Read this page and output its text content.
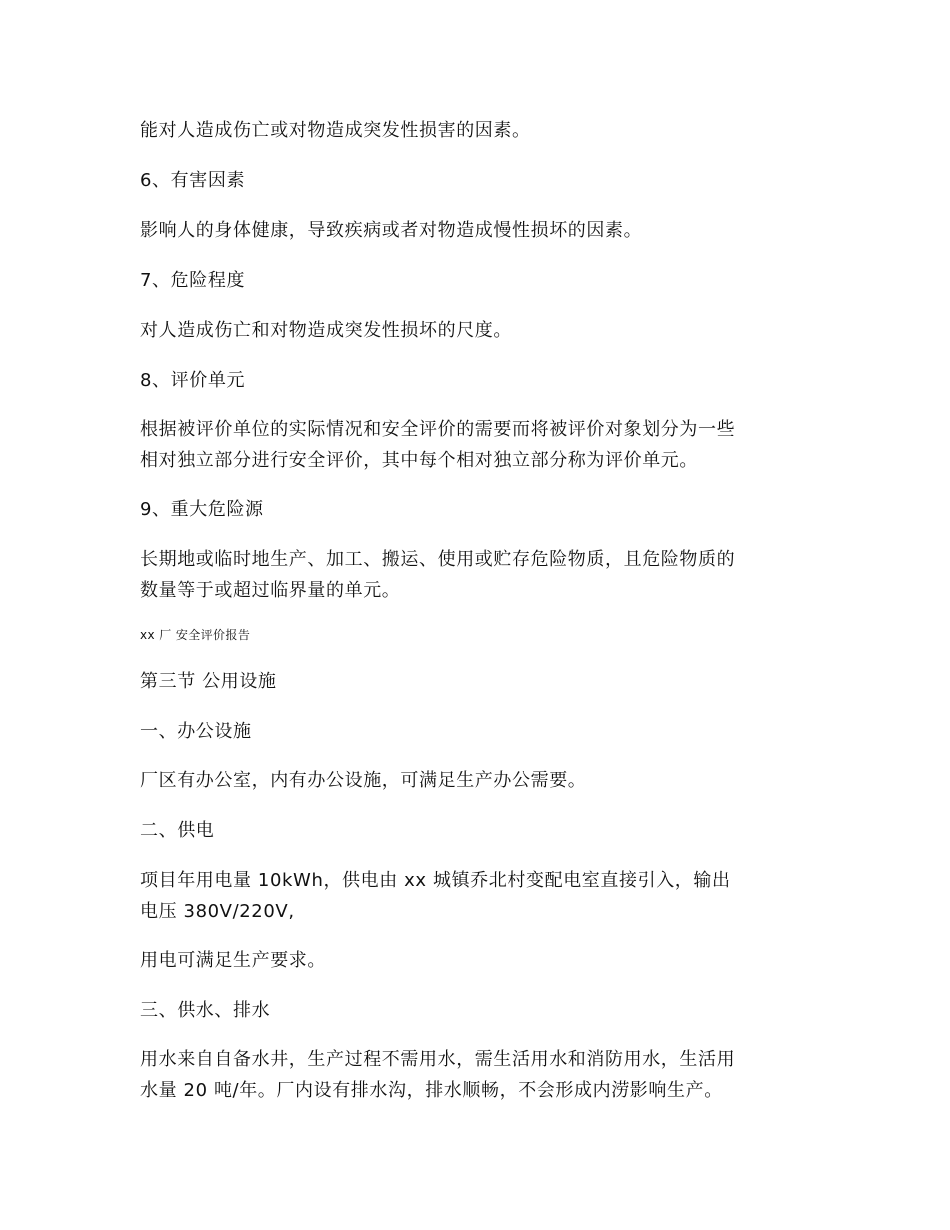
能对人造成伤亡或对物造成突发性损害的因素。
6、有害因素
影响人的身体健康，导致疾病或者对物造成慢性损坏的因素。
7、危险程度
对人造成伤亡和对物造成突发性损坏的尺度。
8、评价单元
根据被评价单位的实际情况和安全评价的需要而将被评价对象划分为一些
相对独立部分进行安全评价，其中每个相对独立部分称为评价单元。
9、重大危险源
长期地或临时地生产、加工、搬运、使用或贮存危险物质，且危险物质的
数量等于或超过临界量的单元。
xx 厂 安全评价报告
第三节 公用设施
一、办公设施
厂区有办公室，内有办公设施，可满足生产办公需要。
二、供电
项目年用电量 10kWh，供电由 xx 城镇乔北村变配电室直接引入，输出
电压 380V/220V,
用电可满足生产要求。
三、供水、排水
用水来自自备水井，生产过程不需用水，需生活用水和消防用水，生活用
水量 20 吨/年。厂内设有排水沟，排水顺畅，不会形成内涝影响生产。
